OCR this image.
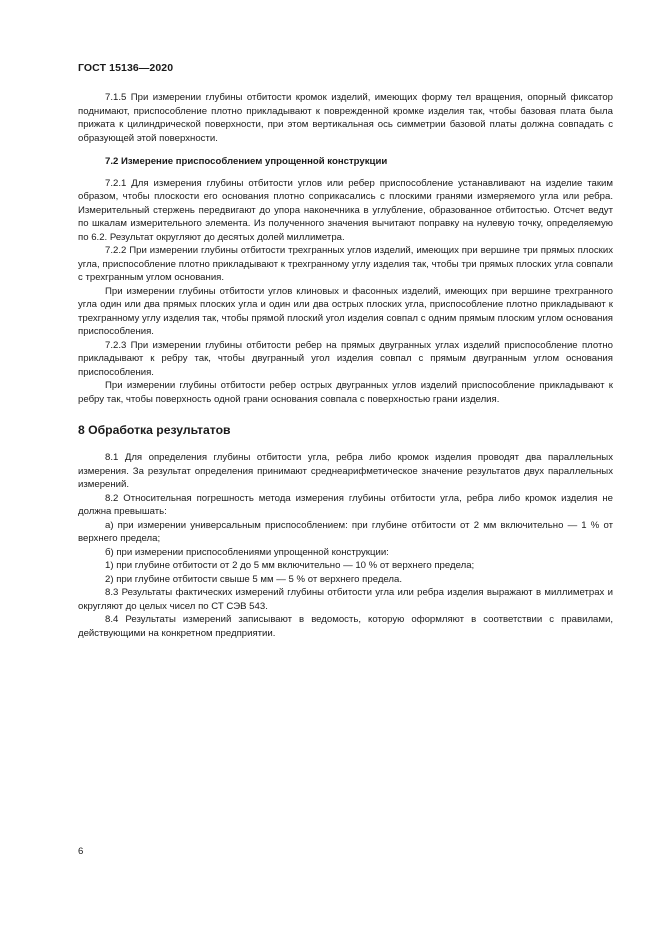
ГОСТ 15136—2020

7.1.5 При измерении глубины отбитости кромок изделий, имеющих форму тел вращения, опорный фиксатор поднимают, приспособление плотно прикладывают к поврежденной кромке изделия так, чтобы базовая плата была прижата к цилиндрической поверхности, при этом вертикальная ось симметрии базовой платы должна совпадать с образующей этой поверхности.

7.2 Измерение приспособлением упрощенной конструкции

7.2.1 Для измерения глубины отбитости углов или ребер приспособление устанавливают на изделие таким образом, чтобы плоскости его основания плотно соприкасались с плоскими гранями измеряемого угла или ребра. Измерительный стержень передвигают до упора наконечника в углубление, образованное отбитостью. Отсчет ведут по шкалам измерительного элемента. Из полученного значения вычитают поправку на нулевую точку, определяемую по 6.2. Результат округляют до десятых долей миллиметра.

7.2.2 При измерении глубины отбитости трехгранных углов изделий, имеющих при вершине три прямых плоских угла, приспособление плотно прикладывают к трехгранному углу изделия так, чтобы три прямых плоских угла совпали с трехгранным углом основания.

При измерении глубины отбитости углов клиновых и фасонных изделий, имеющих при вершине трехгранного угла один или два прямых плоских угла и один или два острых плоских угла, приспособление плотно прикладывают к трехгранному углу изделия так, чтобы прямой плоский угол изделия совпал с одним прямым плоским углом основания приспособления.

7.2.3 При измерении глубины отбитости ребер на прямых двугранных углах изделий приспособление плотно прикладывают к ребру так, чтобы двугранный угол изделия совпал с прямым двугранным углом основания приспособления.

При измерении глубины отбитости ребер острых двугранных углов изделий приспособление прикладывают к ребру так, чтобы поверхность одной грани основания совпала с поверхностью грани изделия.

8 Обработка результатов

8.1 Для определения глубины отбитости угла, ребра либо кромок изделия проводят два параллельных измерения. За результат определения принимают среднеарифметическое значение результатов двух параллельных измерений.

8.2 Относительная погрешность метода измерения глубины отбитости угла, ребра либо кромок изделия не должна превышать:

а) при измерении универсальным приспособлением: при глубине отбитости от 2 мм включительно — 1 % от верхнего предела;

б) при измерении приспособлениями упрощенной конструкции:

1) при глубине отбитости от 2 до 5 мм включительно — 10 % от верхнего предела;

2) при глубине отбитости свыше 5 мм — 5 % от верхнего предела.

8.3 Результаты фактических измерений глубины отбитости угла или ребра изделия выражают в миллиметрах и округляют до целых чисел по СТ СЭВ 543.

8.4 Результаты измерений записывают в ведомость, которую оформляют в соответствии с правилами, действующими на конкретном предприятии.

6
